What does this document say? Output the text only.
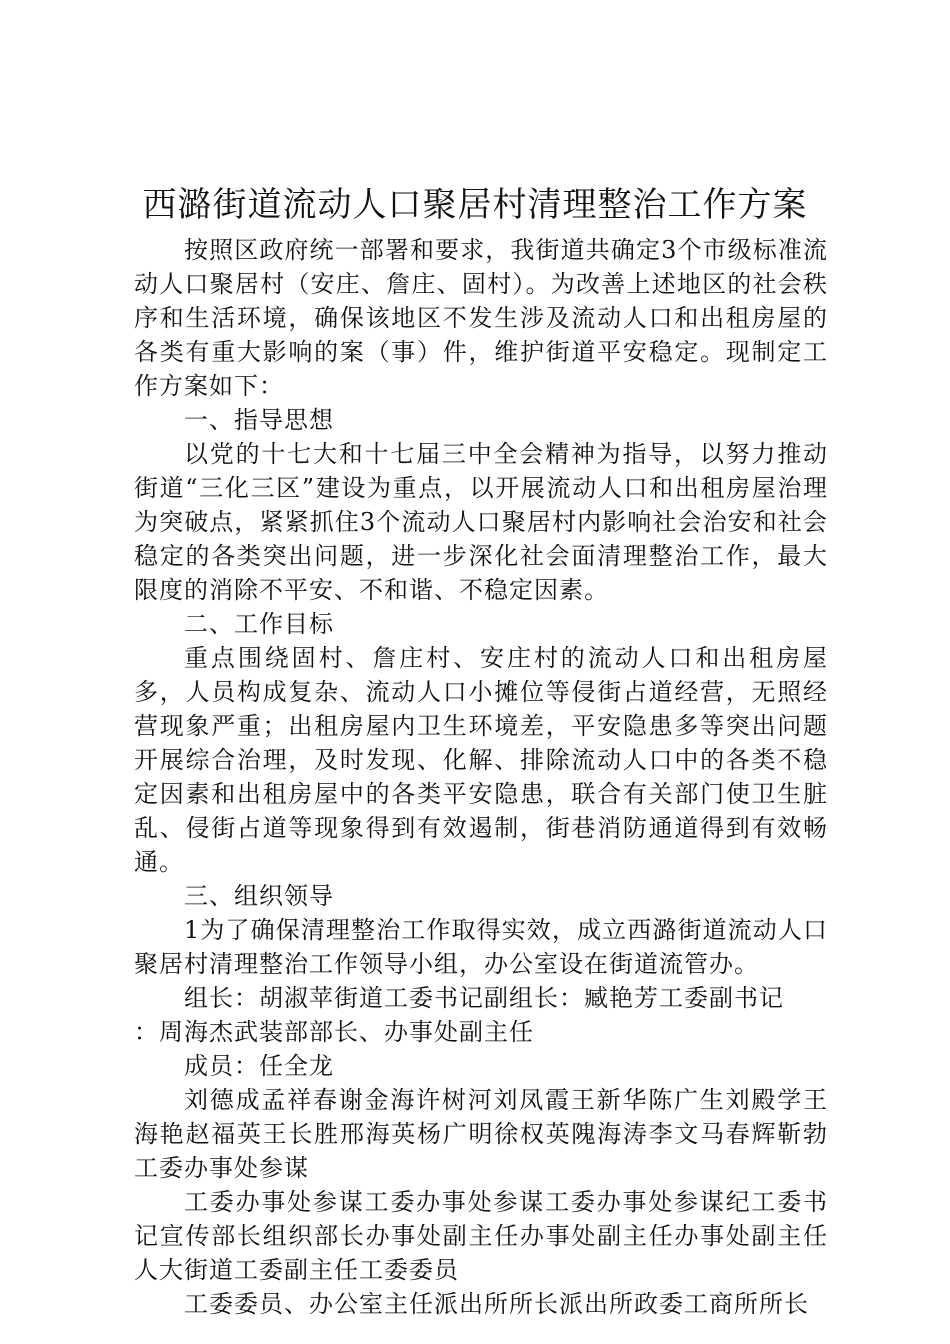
西潞街道流动人口聚居村清理整治工作方案

按照区政府统一部署和要求，我街道共确定3个市级标准流动人口聚居村（安庄、詹庄、固村）。为改善上述地区的社会秩序和生活环境，确保该地区不发生涉及流动人口和出租房屋的各类有重大影响的案（事）件，维护街道平安稳定。现制定工作方案如下：

一、指导思想

以党的十七大和十七届三中全会精神为指导，以努力推动街道“三化三区”建设为重点，以开展流动人口和出租房屋治理为突破点，紧紧抓住3个流动人口聚居村内影响社会治安和社会稳定的各类突出问题，进一步深化社会面清理整治工作，最大限度的消除不平安、不和谐、不稳定因素。

二、工作目标

重点围绕固村、詹庄村、安庄村的流动人口和出租房屋多，人员构成复杂、流动人口小摊位等侵街占道经营，无照经营现象严重；出租房屋内卫生环境差，平安隐患多等突出问题开展综合治理，及时发现、化解、排除流动人口中的各类不稳定因素和出租房屋中的各类平安隐患，联合有关部门使卫生脏乱、侵街占道等现象得到有效遏制，街巷消防通道得到有效畅通。

三、组织领导

1为了确保清理整治工作取得实效，成立西潞街道流动人口聚居村清理整治工作领导小组，办公室设在街道流管办。

组长：胡淑苹街道工委书记副组长：臧艳芳工委副书记

：周海杰武装部部长、办事处副主任

成员：任全龙

刘德成孟祥春谢金海许树河刘凤霞王新华陈广生刘殿学王海艳赵福英王长胜邢海英杨广明徐权英隗海涛李文马春辉靳勃工委办事处参谋

工委办事处参谋工委办事处参谋工委办事处参谋纪工委书记宣传部长组织部长办事处副主任办事处副主任办事处副主任人大街道工委副主任工委委员

工委委员、办公室主任派出所所长派出所政委工商所所长
